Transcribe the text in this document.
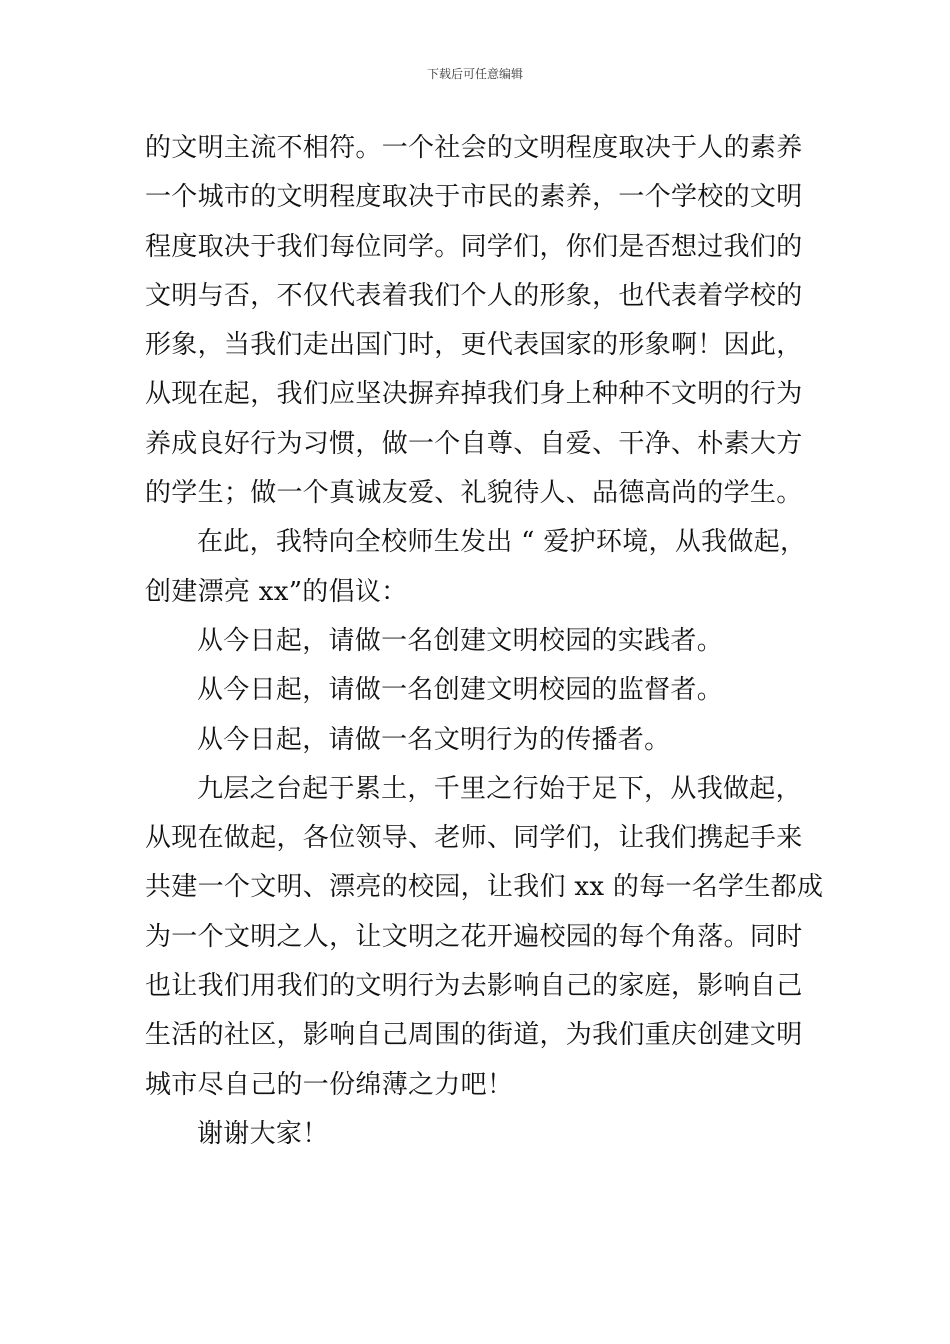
下载后可任意编辑
的文明主流不相符。一个社会的文明程度取决于人的素养
一个城市的文明程度取决于市民的素养，一个学校的文明
程度取决于我们每位同学。同学们，你们是否想过我们的
文明与否，不仅代表着我们个人的形象，也代表着学校的
形象，当我们走出国门时，更代表国家的形象啊！因此，
从现在起，我们应坚决摒弃掉我们身上种种不文明的行为
养成良好行为习惯，做一个自尊、自爱、干净、朴素大方
的学生；做一个真诚友爱、礼貌待人、品德高尚的学生。
在此，我特向全校师生发出 “ 爱护环境，从我做起，
创建漂亮 xx”的倡议：
从今日起，请做一名创建文明校园的实践者。
从今日起，请做一名创建文明校园的监督者。
从今日起，请做一名文明行为的传播者。
九层之台起于累土，千里之行始于足下，从我做起，
从现在做起，各位领导、老师、同学们，让我们携起手来
共建一个文明、漂亮的校园，让我们 xx 的每一名学生都成
为一个文明之人，让文明之花开遍校园的每个角落。同时
也让我们用我们的文明行为去影响自己的家庭，影响自己
生活的社区，影响自己周围的街道，为我们重庆创建文明
城市尽自己的一份绵薄之力吧！
谢谢大家！
